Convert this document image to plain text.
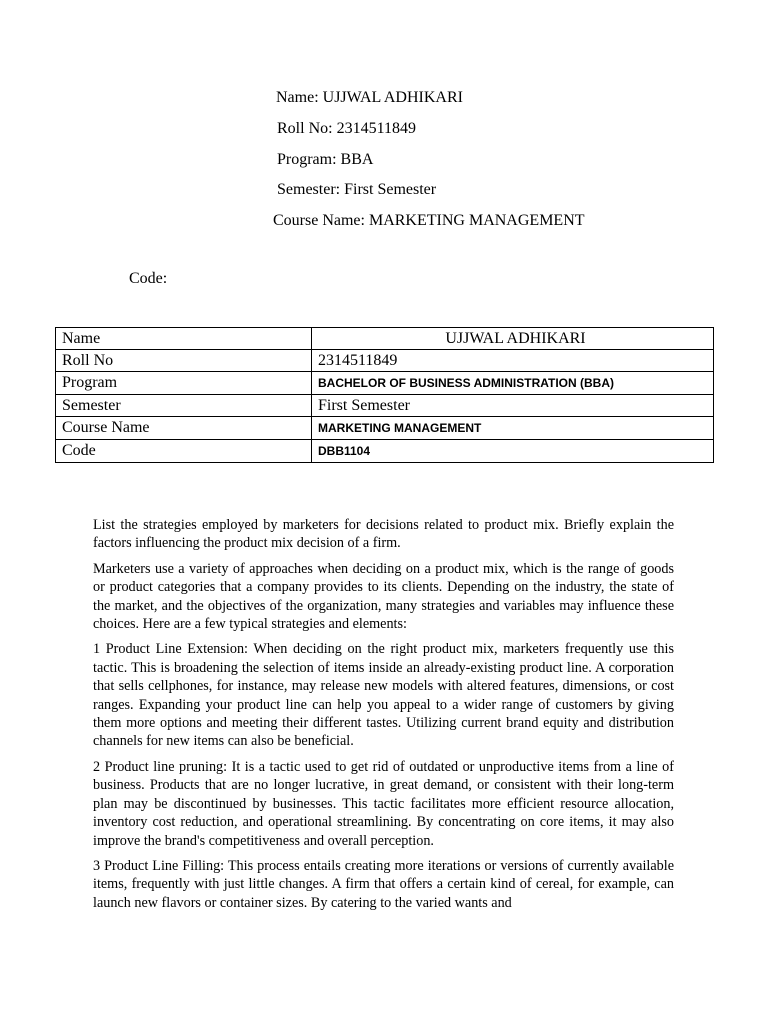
Name: UJJWAL ADHIKARI
Roll No: 2314511849
Program: BBA
Semester: First Semester
Course Name: MARKETING MANAGEMENT
Code:
Name	UJJWAL ADHIKARI
Roll No	2314511849
Program	BACHELOR OF BUSINESS ADMINISTRATION (BBA)
Semester	First Semester
Course Name	MARKETING MANAGEMENT
Code	DBB1104

List the strategies employed by marketers for decisions related to product mix. Briefly explain the factors influencing the product mix decision of a firm.

Marketers use a variety of approaches when deciding on a product mix, which is the range of goods or product categories that a company provides to its clients. Depending on the industry, the state of the market, and the objectives of the organization, many strategies and variables may influence these choices. Here are a few typical strategies and elements:

1 Product Line Extension: When deciding on the right product mix, marketers frequently use this tactic. This is broadening the selection of items inside an already-existing product line. A corporation that sells cellphones, for instance, may release new models with altered features, dimensions, or cost ranges. Expanding your product line can help you appeal to a wider range of customers by giving them more options and meeting their different tastes. Utilizing current brand equity and distribution channels for new items can also be beneficial.

2 Product line pruning: It is a tactic used to get rid of outdated or unproductive items from a line of business. Products that are no longer lucrative, in great demand, or consistent with their long-term plan may be discontinued by businesses. This tactic facilitates more efficient resource allocation, inventory cost reduction, and operational streamlining. By concentrating on core items, it may also improve the brand's competitiveness and overall perception.

3 Product Line Filling: This process entails creating more iterations or versions of currently available items, frequently with just little changes. A firm that offers a certain kind of cereal, for example, can launch new flavors or container sizes. By catering to the varied wants and
